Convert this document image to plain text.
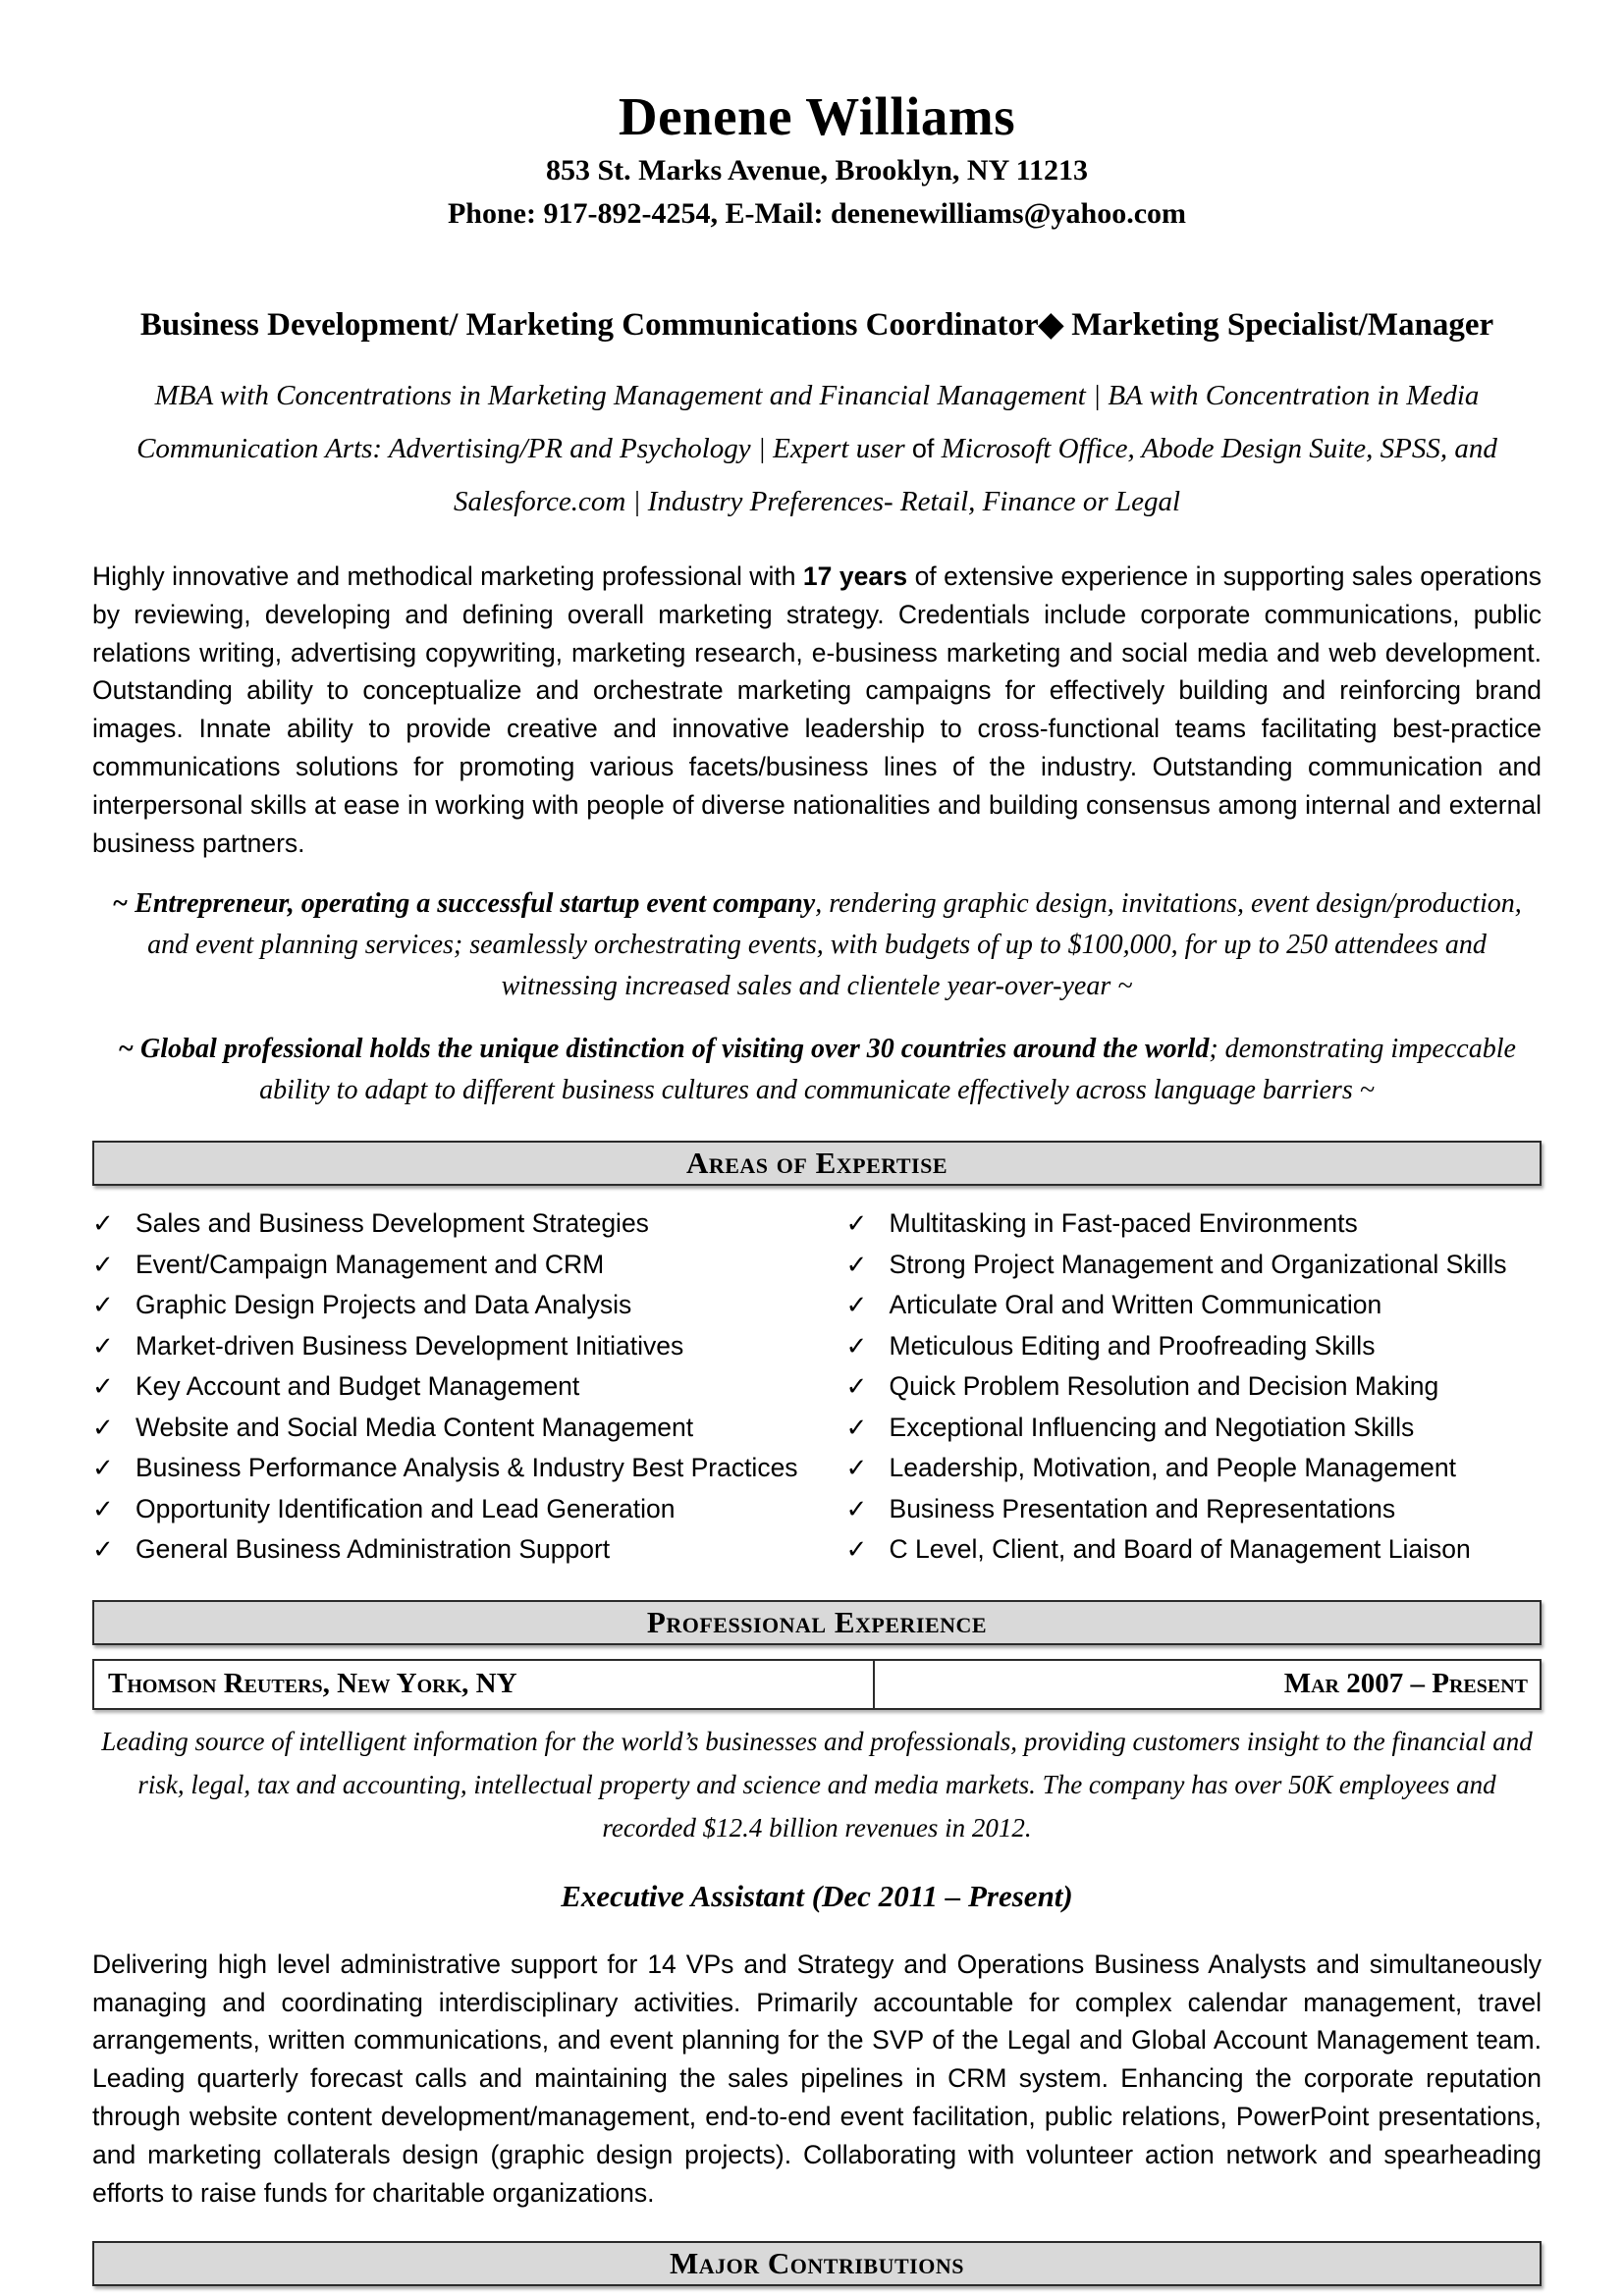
Denene Williams
853 St. Marks Avenue, Brooklyn, NY 11213
Phone: 917-892-4254, E-Mail: denenewilliams@yahoo.com
Business Development/ Marketing Communications Coordinator◆ Marketing Specialist/Manager

MBA with Concentrations in Marketing Management and Financial Management | BA with Concentration in Media Communication Arts: Advertising/PR and Psychology | Expert user of Microsoft Office, Abode Design Suite, SPSS, and Salesforce.com | Industry Preferences- Retail, Finance or Legal

Highly innovative and methodical marketing professional with 17 years of extensive experience in supporting sales operations by reviewing, developing and defining overall marketing strategy. Credentials include corporate communications, public relations writing, advertising copywriting, marketing research, e-business marketing and social media and web development. Outstanding ability to conceptualize and orchestrate marketing campaigns for effectively building and reinforcing brand images. Innate ability to provide creative and innovative leadership to cross-functional teams facilitating best-practice communications solutions for promoting various facets/business lines of the industry. Outstanding communication and interpersonal skills at ease in working with people of diverse nationalities and building consensus among internal and external business partners.

~ Entrepreneur, operating a successful startup event company, rendering graphic design, invitations, event design/production, and event planning services; seamlessly orchestrating events, with budgets of up to $100,000, for up to 250 attendees and witnessing increased sales and clientele year-over-year ~

~ Global professional holds the unique distinction of visiting over 30 countries around the world; demonstrating impeccable ability to adapt to different business cultures and communicate effectively across language barriers ~

Areas of Expertise
✓ Sales and Business Development Strategies
✓ Event/Campaign Management and CRM
✓ Graphic Design Projects and Data Analysis
✓ Market-driven Business Development Initiatives
✓ Key Account and Budget Management
✓ Website and Social Media Content Management
✓ Business Performance Analysis & Industry Best Practices
✓ Opportunity Identification and Lead Generation
✓ General Business Administration Support
✓ Multitasking in Fast-paced Environments
✓ Strong Project Management and Organizational Skills
✓ Articulate Oral and Written Communication
✓ Meticulous Editing and Proofreading Skills
✓ Quick Problem Resolution and Decision Making
✓ Exceptional Influencing and Negotiation Skills
✓ Leadership, Motivation, and People Management
✓ Business Presentation and Representations
✓ C Level, Client, and Board of Management Liaison
Professional Experience
Thomson Reuters, New York, NY	Mar 2007 – Present

Leading source of intelligent information for the world’s businesses and professionals, providing customers insight to the financial and risk, legal, tax and accounting, intellectual property and science and media markets. The company has over 50K employees and recorded $12.4 billion revenues in 2012.

Executive Assistant (Dec 2011 – Present)

Delivering high level administrative support for 14 VPs and Strategy and Operations Business Analysts and simultaneously managing and coordinating interdisciplinary activities. Primarily accountable for complex calendar management, travel arrangements, written communications, and event planning for the SVP of the Legal and Global Account Management team. Leading quarterly forecast calls and maintaining the sales pipelines in CRM system. Enhancing the corporate reputation through website content development/management, end-to-end event facilitation, public relations, PowerPoint presentations, and marketing collaterals design (graphic design projects). Collaborating with volunteer action network and spearheading efforts to raise funds for charitable organizations.

Major Contributions
